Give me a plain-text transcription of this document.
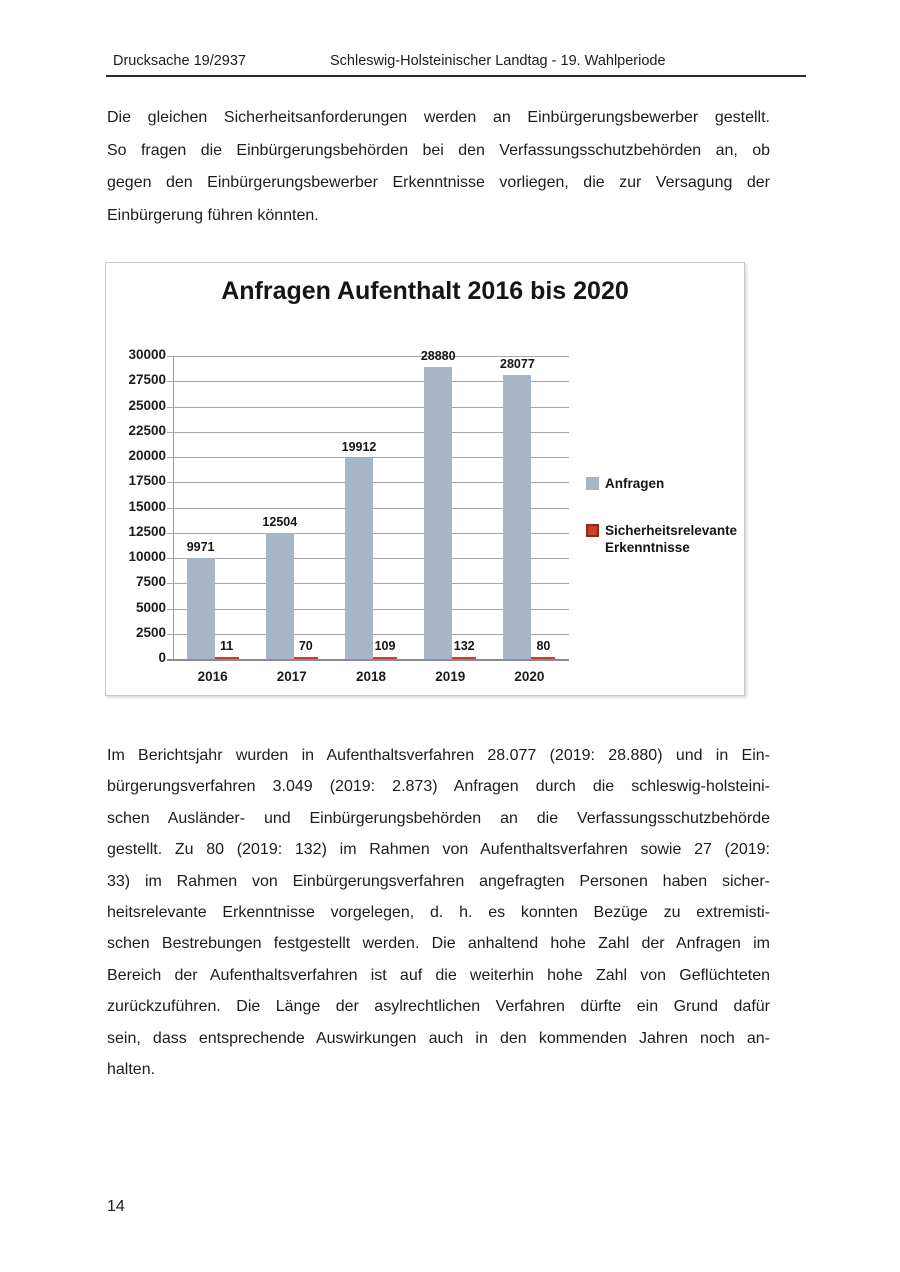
Drucksache 19/2937	Schleswig-Holsteinischer Landtag - 19. Wahlperiode
Die gleichen Sicherheitsanforderungen werden an Einbürgerungsbewerber gestellt.
So fragen die Einbürgerungsbehörden bei den Verfassungsschutzbehörden an, ob
gegen den Einbürgerungsbewerber Erkenntnisse vorliegen, die zur Versagung der
Einbürgerung führen könnten.
Anfragen Aufenthalt 2016 bis 2020
9971
11
2016
12504
70
2017
19912
109
2018
28880
132
2019
28077
80
2020
Anfragen
Sicherheitsrelevante Erkenntnisse
30000
27500
25000
22500
20000
17500
15000
12500
10000
7500
5000
2500
0
Im Berichtsjahr wurden in Aufenthaltsverfahren 28.077 (2019: 28.880) und in Ein-
bürgerungsverfahren 3.049 (2019: 2.873) Anfragen durch die schleswig-holsteini-
schen Ausländer- und Einbürgerungsbehörden an die Verfassungsschutzbehörde
gestellt. Zu 80 (2019: 132) im Rahmen von Aufenthaltsverfahren sowie 27 (2019:
33) im Rahmen von Einbürgerungsverfahren angefragten Personen haben sicher-
heitsrelevante Erkenntnisse vorgelegen, d. h. es konnten Bezüge zu extremisti-
schen Bestrebungen festgestellt werden. Die anhaltend hohe Zahl der Anfragen im
Bereich der Aufenthaltsverfahren ist auf die weiterhin hohe Zahl von Geflüchteten
zurückzuführen. Die Länge der asylrechtlichen Verfahren dürfte ein Grund dafür
sein, dass entsprechende Auswirkungen auch in den kommenden Jahren noch an-
halten.
14
